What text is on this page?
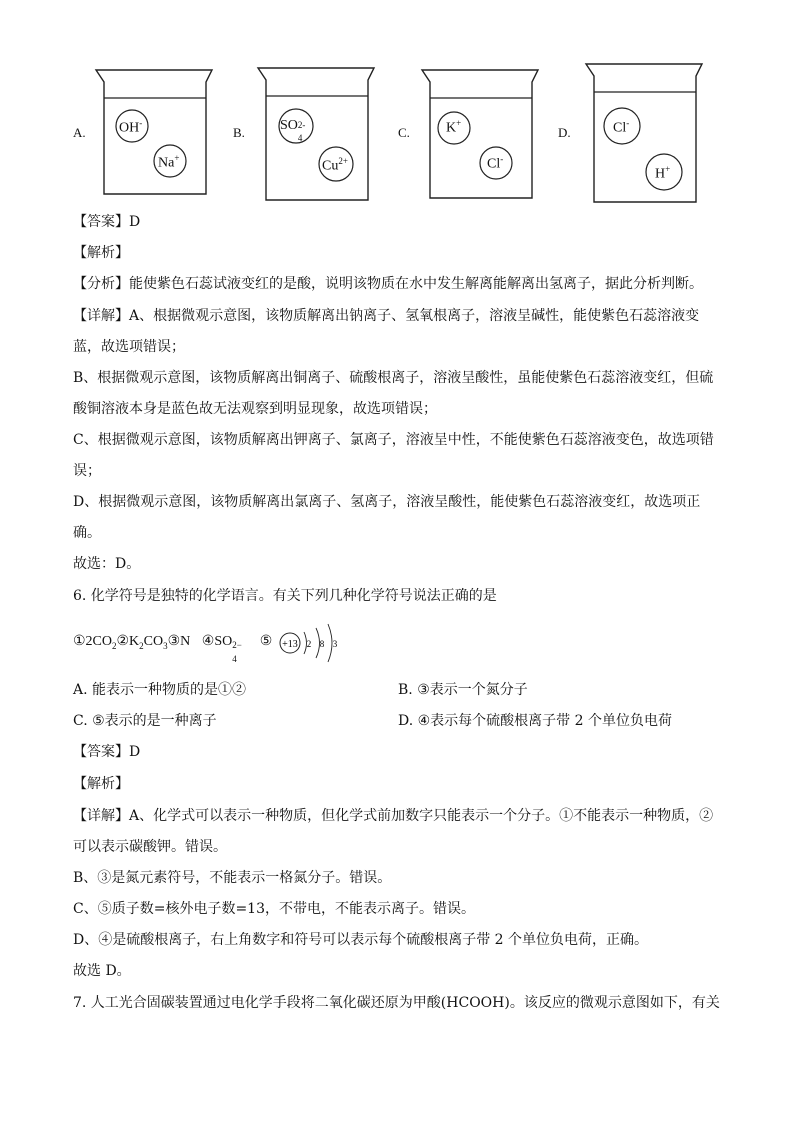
A. OH-
Na+
B.	SO 2-
4
$Cu^{2+}$
C.	K+
Cl-
D.	Cl-
H+
【答案】D
【解析】
【分析】能使紫色石蕊试液变红的是酸，说明该物质在水中发生解离能解离出氢离子，据此分析判断。
【详解】A、根据微观示意图，该物质解离出钠离子、氢氧根离子，溶液呈碱性，能使紫色石蕊溶液变
蓝，故选项错误；
B、根据微观示意图，该物质解离出铜离子、硫酸根离子，溶液呈酸性，虽能使紫色石蕊溶液变红，但硫
酸铜溶液本身是蓝色故无法观察到明显现象，故选项错误；
C、根据微观示意图，该物质解离出钾离子、氯离子，溶液呈中性，不能使紫色石蕊溶液变色，故选项错
误；
D、根据微观示意图，该物质解离出氯离子、氢离子，溶液呈酸性，能使紫色石蕊溶液变红，故选项正
确。
故选：D。
6. 化学符号是独特的化学语言。有关下列几种化学符号说法正确的是
$①2CO_2②K_2CO_3③N$ ④SO 2−
4
⑤ +13 2 8 3
A. 能表示一种物质的是①②	B. ③表示一个氮分子
C. ⑤表示的是一种离子	D. ④表示每个硫酸根离子带 2 个单位负电荷
【答案】D
【解析】
【详解】A、化学式可以表示一种物质，但化学式前加数字只能表示一个分子。①不能表示一种物质，②
可以表示碳酸钾。错误。
B、③是氮元素符号，不能表示一格氮分子。错误。
C、⑤质子数=核外电子数=13，不带电，不能表示离子。错误。
D、④是硫酸根离子，右上角数字和符号可以表示每个硫酸根离子带 2 个单位负电荷，正确。
故选 D。
7. 人工光合固碳装置通过电化学手段将二氧化碳还原为甲酸(HCOOH)。该反应的微观示意图如下，有关
